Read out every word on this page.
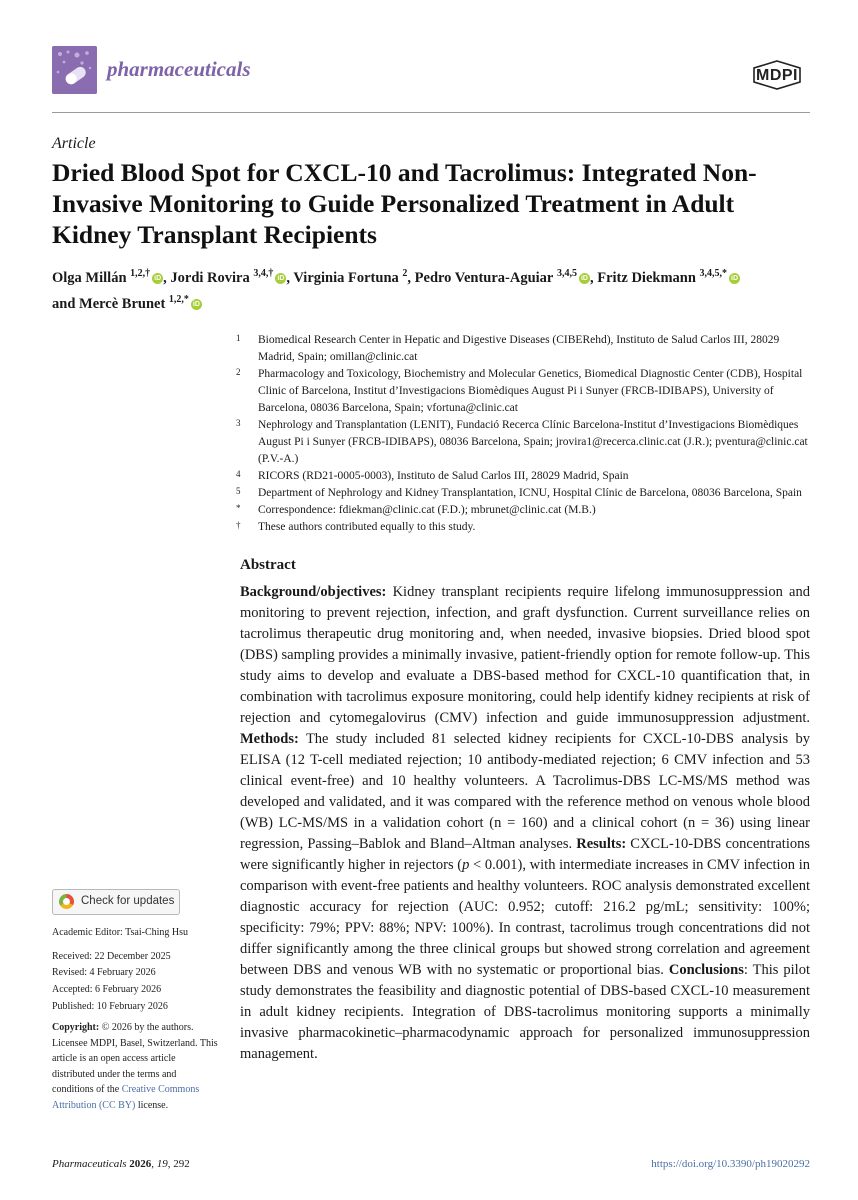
pharmaceuticals	MDPI
Article
Dried Blood Spot for CXCL-10 and Tacrolimus: Integrated Non-Invasive Monitoring to Guide Personalized Treatment in Adult Kidney Transplant Recipients
Olga Millán $^{1,2,\dagger}$ iD , Jordi Rovira $^{3,4,\dagger}$ iD , Virginia Fortuna $^2$, Pedro Ventura-Aguiar $^{3,4,5}$ iD , Fritz Diekmann $^{3,4,5,*}$ iD
and Mercè Brunet $^{1,2,*}$ iD
1	Biomedical Research Center in Hepatic and Digestive Diseases (CIBERehd), Instituto de Salud Carlos III, 28029 Madrid, Spain; omillan@clinic.cat
2	Pharmacology and Toxicology, Biochemistry and Molecular Genetics, Biomedical Diagnostic Center (CDB), Hospital Clinic of Barcelona, Institut d’Investigacions Biomèdiques August Pi i Sunyer (FRCB-IDIBAPS), University of Barcelona, 08036 Barcelona, Spain; vfortuna@clinic.cat
3	Nephrology and Transplantation (LENIT), Fundació Recerca Clínic Barcelona-Institut d’Investigacions Biomèdiques August Pi i Sunyer (FRCB-IDIBAPS), 08036 Barcelona, Spain; jrovira1@recerca.clinic.cat (J.R.); pventura@clinic.cat (P.V.-A.)
4	RICORS (RD21-0005-0003), Instituto de Salud Carlos III, 28029 Madrid, Spain
5	Department of Nephrology and Kidney Transplantation, ICNU, Hospital Clínic de Barcelona, 08036 Barcelona, Spain
*	Correspondence: fdiekman@clinic.cat (F.D.); mbrunet@clinic.cat (M.B.)
†	These authors contributed equally to this study.
Abstract
Background/objectives: Kidney transplant recipients require lifelong immunosuppression and monitoring to prevent rejection, infection, and graft dysfunction. Current surveillance relies on tacrolimus therapeutic drug monitoring and, when needed, invasive biopsies. Dried blood spot (DBS) sampling provides a minimally invasive, patient-friendly option for remote follow-up. This study aims to develop and evaluate a DBS-based method for CXCL-10 quantification that, in combination with tacrolimus exposure monitoring, could help identify kidney recipients at risk of rejection and cytomegalovirus (CMV) infection and guide immunosuppression adjustment. Methods: The study included 81 selected kidney recipients for CXCL-10-DBS analysis by ELISA (12 T-cell mediated rejection; 10 antibody-mediated rejection; 6 CMV infection and 53 clinical event-free) and 10 healthy volunteers. A Tacrolimus-DBS LC-MS/MS method was developed and validated, and it was compared with the reference method on venous whole blood (WB) LC-MS/MS in a validation cohort (n = 160) and a clinical cohort (n = 36) using linear regression, Passing–Bablok and Bland–Altman analyses. Results: CXCL-10-DBS concentrations were significantly higher in rejectors (p < 0.001), with intermediate increases in CMV infection in comparison with event-free patients and healthy volunteers. ROC analysis demonstrated excellent diagnostic accuracy for rejection (AUC: 0.952; cutoff: 216.2 pg/mL; sensitivity: 100%; specificity: 79%; PPV: 88%; NPV: 100%). In contrast, tacrolimus trough concentrations did not differ significantly among the three clinical groups but showed strong correlation and agreement between DBS and venous WB with no systematic or proportional bias. Conclusions: This pilot study demonstrates the feasibility and diagnostic potential of DBS-based CXCL-10 measurement in adult kidney recipients. Integration of DBS-tacrolimus monitoring supports a minimally invasive pharmacokinetic–pharmacodynamic approach for personalized immunosuppression management.
Check for updates
Academic Editor: Tsai-Ching Hsu
Received: 22 December 2025
Revised: 4 February 2026
Accepted: 6 February 2026
Published: 10 February 2026
Copyright: © 2026 by the authors. Licensee MDPI, Basel, Switzerland. This article is an open access article distributed under the terms and conditions of the Creative Commons Attribution (CC BY) license.
Pharmaceuticals 2026, 19, 292	https://doi.org/10.3390/ph19020292
